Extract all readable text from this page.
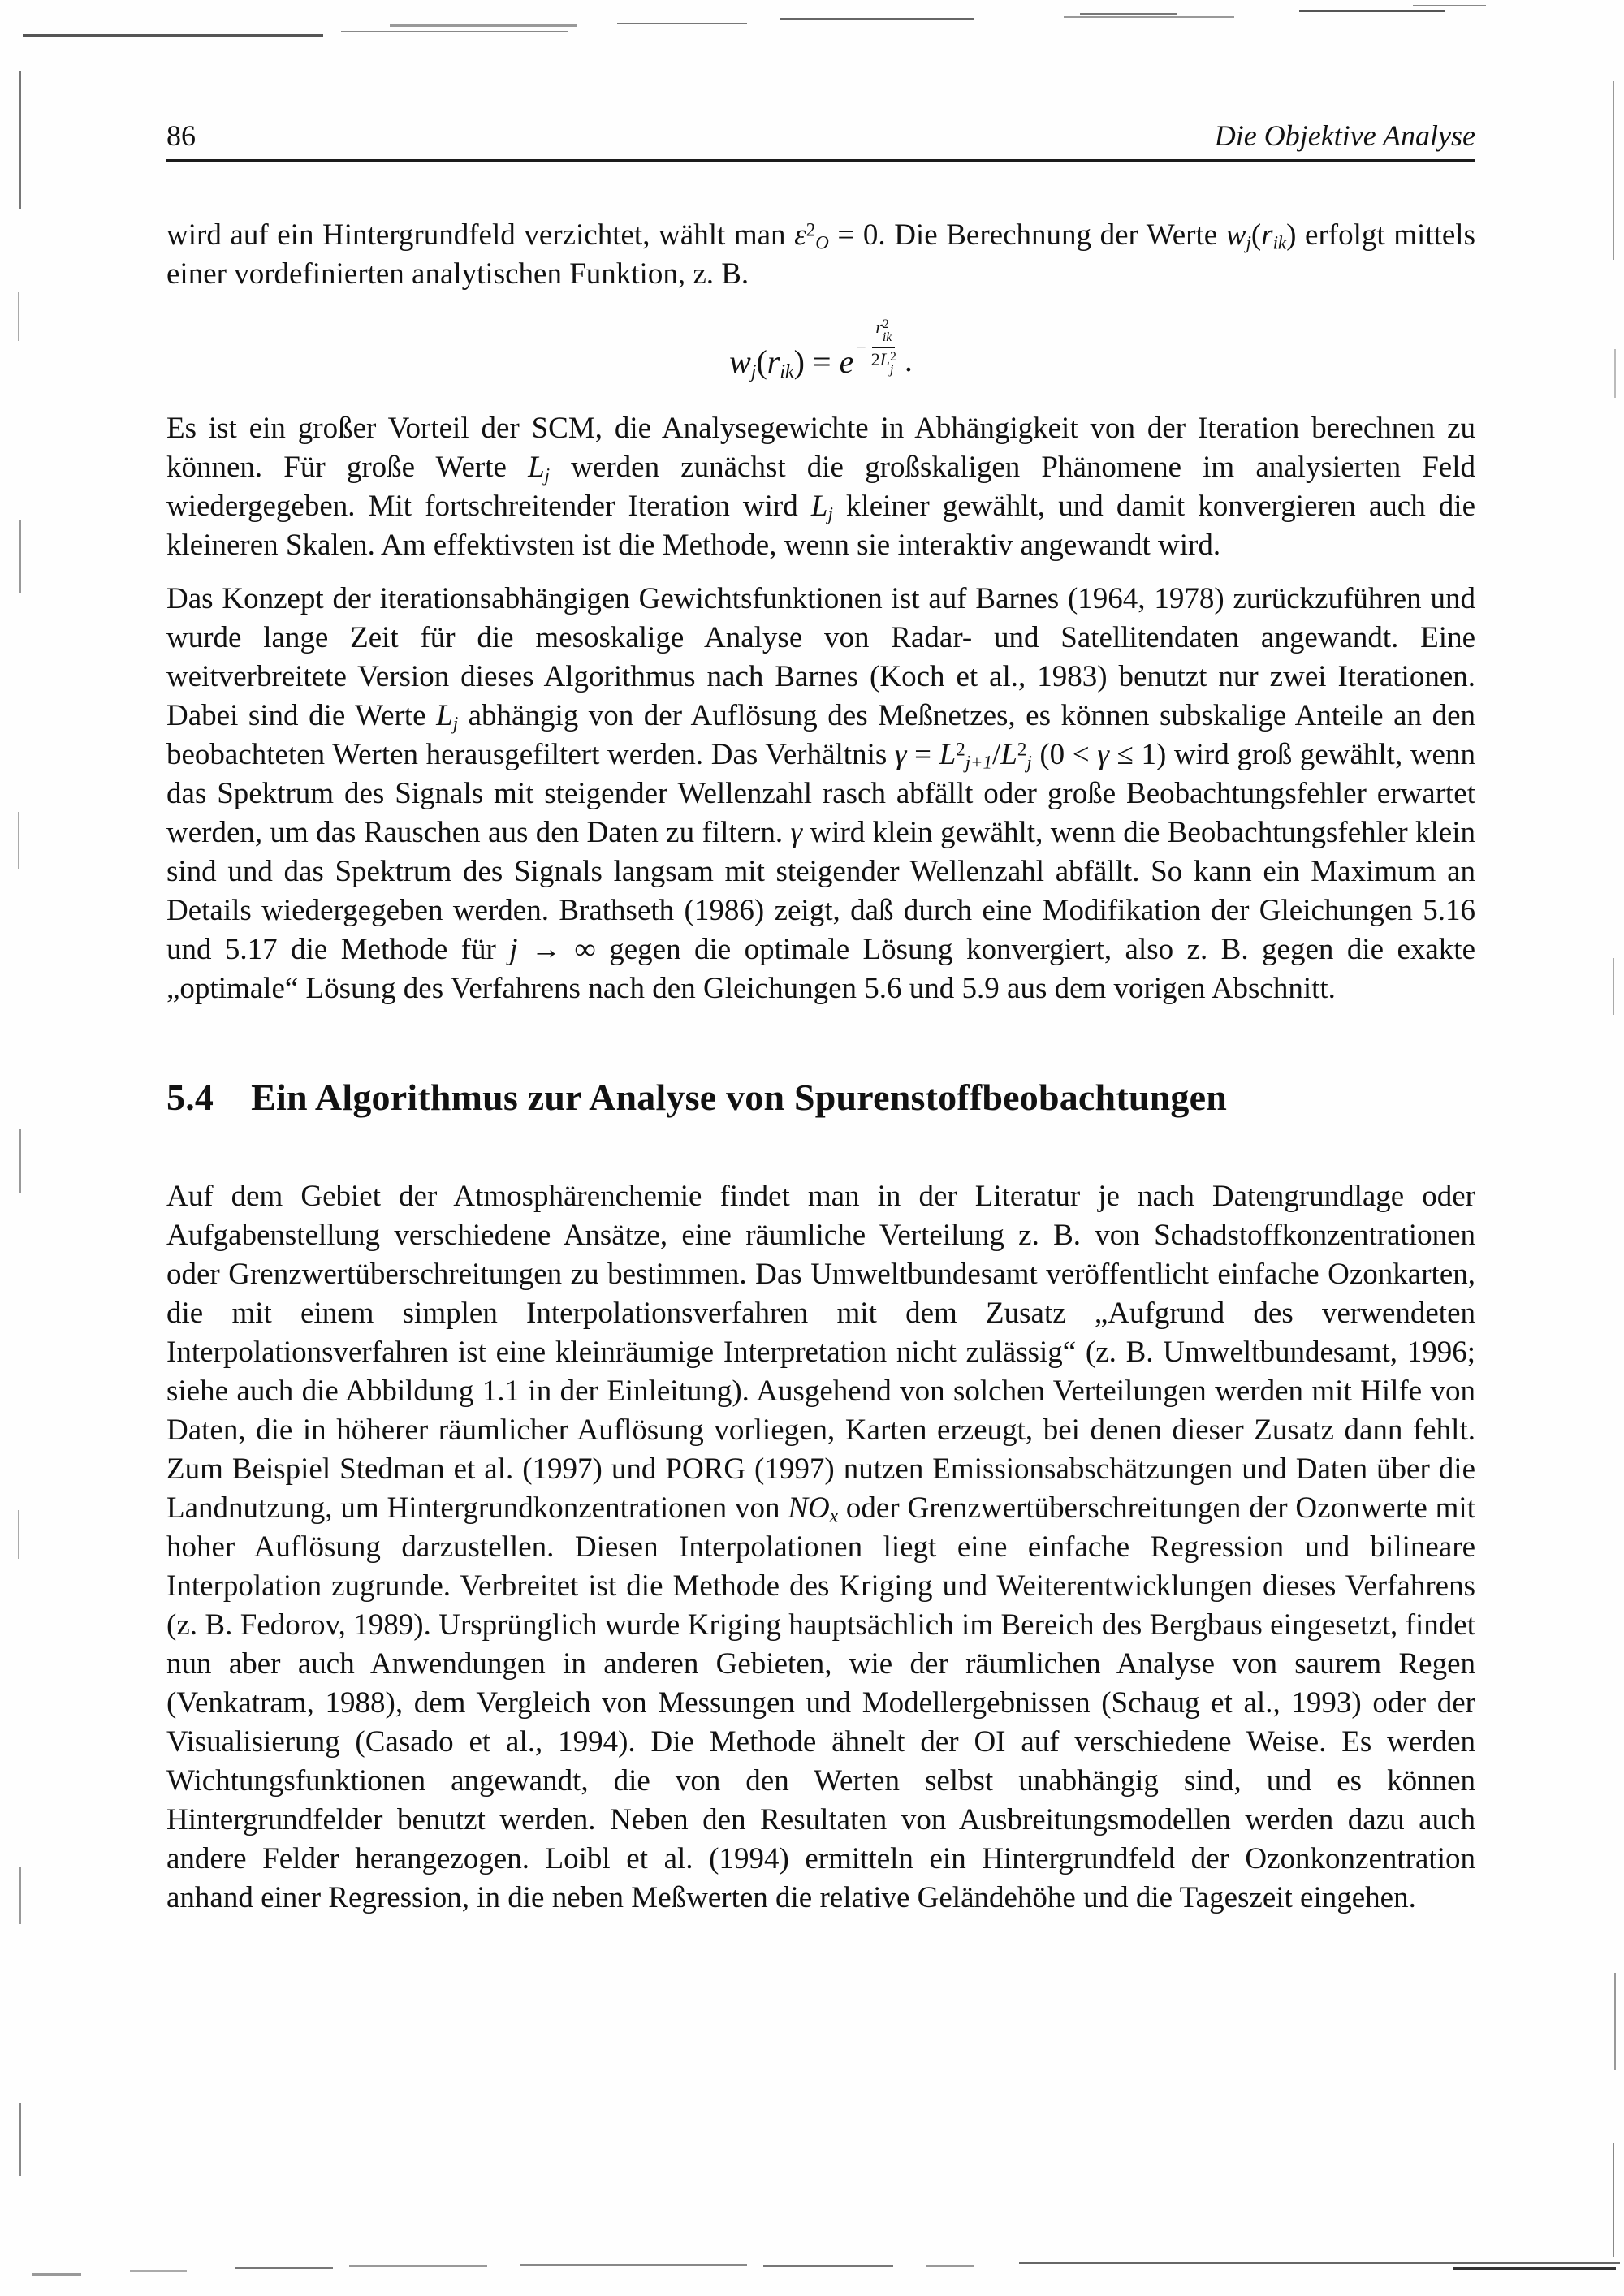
86	Die Objektive Analyse

wird auf ein Hintergrundfeld verzichtet, wählt man $\varepsilon^2_O = 0$. Die Berechnung der Werte $w_j(r_{ik})$ erfolgt mittels einer vordefinierten analytischen Funktion, z. B.

$w_j(r_{ik}) = e - r$ 2
ik
2 L 2
j .

Es ist ein großer Vorteil der SCM, die Analysegewichte in Abhängigkeit von der Iteration berechnen zu können. Für große Werte $L_j$ werden zunächst die großskaligen Phänomene im analysierten Feld wiedergegeben. Mit fortschreitender Iteration wird $L_j$ kleiner gewählt, und damit konvergieren auch die kleineren Skalen. Am effektivsten ist die Methode, wenn sie interaktiv angewandt wird.

Das Konzept der iterationsabhängigen Gewichtsfunktionen ist auf Barnes (1964, 1978) zurückzuführen und wurde lange Zeit für die mesoskalige Analyse von Radar- und Satellitendaten angewandt. Eine weitverbreitete Version dieses Algorithmus nach Barnes (Koch et al., 1983) benutzt nur zwei Iterationen. Dabei sind die Werte $L_j$ abhängig von der Auflösung des Meßnetzes, es können subskalige Anteile an den beobachteten Werten herausgefiltert werden. Das Verhältnis $\gamma = L^2_{j+1}/L^2_j$ (0 < γ ≤ 1) wird groß gewählt, wenn das Spektrum des Signals mit steigender Wellenzahl rasch abfällt oder große Beobachtungsfehler erwartet werden, um das Rauschen aus den Daten zu filtern. γ wird klein gewählt, wenn die Beobachtungsfehler klein sind und das Spektrum des Signals langsam mit steigender Wellenzahl abfällt. So kann ein Maximum an Details wiedergegeben werden. Brathseth (1986) zeigt, daß durch eine Modifikation der Gleichungen 5.16 und 5.17 die Methode für j → ∞ gegen die optimale Lösung konvergiert, also z. B. gegen die exakte „optimale“ Lösung des Verfahrens nach den Gleichungen 5.6 und 5.9 aus dem vorigen Abschnitt.

5.4 Ein Algorithmus zur Analyse von Spurenstoffbeobachtungen

Auf dem Gebiet der Atmosphärenchemie findet man in der Literatur je nach Datengrundlage oder Aufgabenstellung verschiedene Ansätze, eine räumliche Verteilung z. B. von Schadstoffkonzentrationen oder Grenzwertüberschreitungen zu bestimmen. Das Umweltbundesamt veröffentlicht einfache Ozonkarten, die mit einem simplen Interpolationsverfahren mit dem Zusatz „Aufgrund des verwendeten Interpolationsverfahren ist eine kleinräumige Interpretation nicht zulässig“ (z. B. Umweltbundesamt, 1996; siehe auch die Abbildung 1.1 in der Einleitung). Ausgehend von solchen Verteilungen werden mit Hilfe von Daten, die in höherer räumlicher Auflösung vorliegen, Karten erzeugt, bei denen dieser Zusatz dann fehlt. Zum Beispiel Stedman et al. (1997) und PORG (1997) nutzen Emissionsabschätzungen und Daten über die Landnutzung, um Hintergrundkonzentrationen von $NO_x$ oder Grenzwertüberschreitungen der Ozonwerte mit hoher Auflösung darzustellen. Diesen Interpolationen liegt eine einfache Regression und bilineare Interpolation zugrunde. Verbreitet ist die Methode des Kriging und Weiterentwicklungen dieses Verfahrens (z. B. Fedorov, 1989). Ursprünglich wurde Kriging hauptsächlich im Bereich des Bergbaus eingesetzt, findet nun aber auch Anwendungen in anderen Gebieten, wie der räumlichen Analyse von saurem Regen (Venkatram, 1988), dem Vergleich von Messungen und Modellergebnissen (Schaug et al., 1993) oder der Visualisierung (Casado et al., 1994). Die Methode ähnelt der OI auf verschiedene Weise. Es werden Wichtungsfunktionen angewandt, die von den Werten selbst unabhängig sind, und es können Hintergrundfelder benutzt werden. Neben den Resultaten von Ausbreitungsmodellen werden dazu auch andere Felder herangezogen. Loibl et al. (1994) ermitteln ein Hintergrundfeld der Ozonkonzentration anhand einer Regression, in die neben Meßwerten die relative Geländehöhe und die Tageszeit eingehen.
